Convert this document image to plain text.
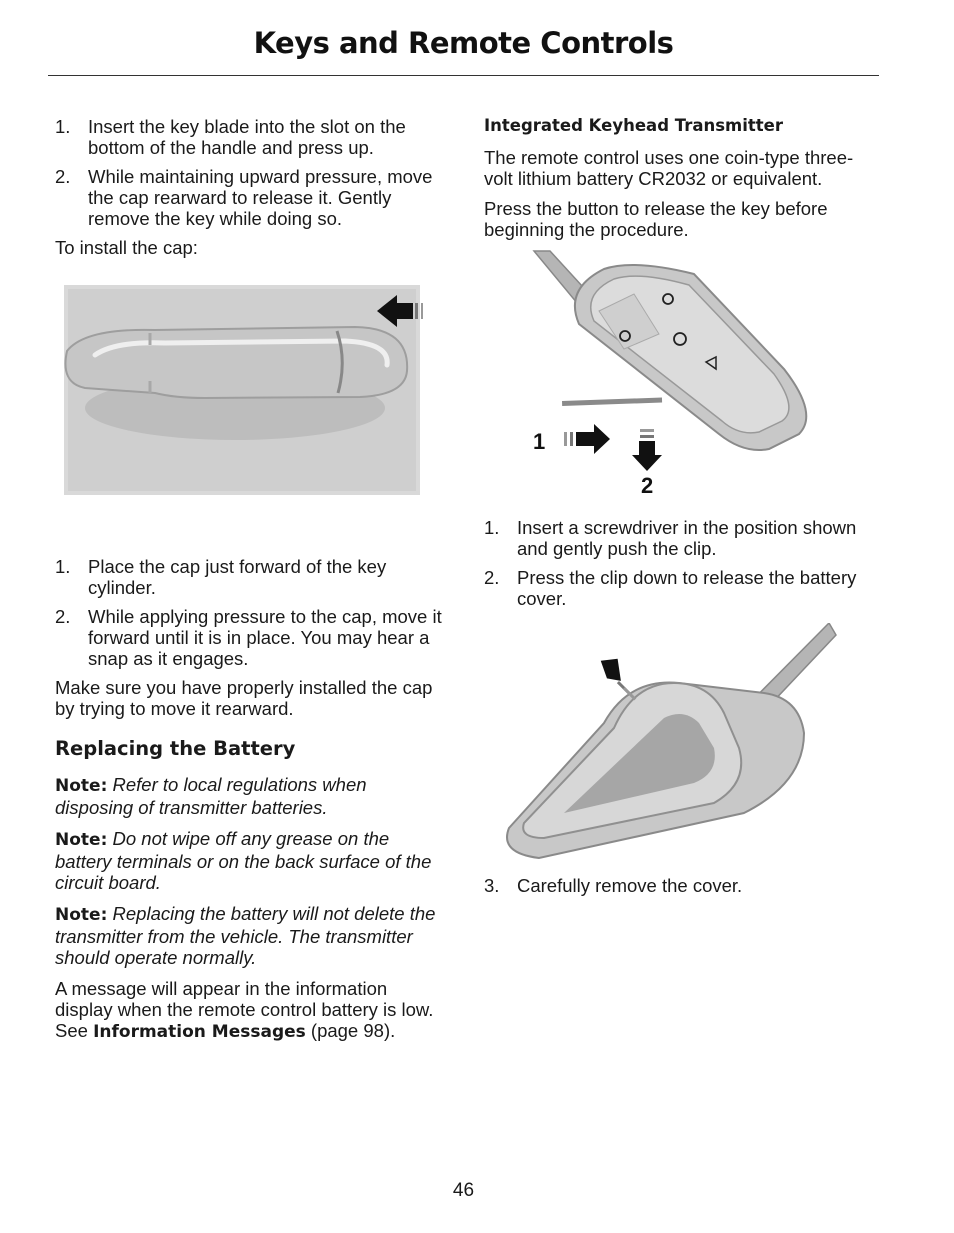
Keys and Remote Controls
1. Insert the key blade into the slot on the bottom of the handle and press up.
2. While maintaining upward pressure, move the cap rearward to release it. Gently remove the key while doing so.

To install the cap:

1. Place the cap just forward of the key cylinder.
2. While applying pressure to the cap, move it forward until it is in place. You may hear a snap as it engages.

Make sure you have properly installed the cap by trying to move it rearward.

Replacing the Battery

Note: Refer to local regulations when disposing of transmitter batteries.

Note: Do not wipe off any grease on the battery terminals or on the back surface of the circuit board.

Note: Replacing the battery will not delete the transmitter from the vehicle. The transmitter should operate normally.

A message will appear in the information display when the remote control battery is low. See Information Messages (page 98).

Integrated Keyhead Transmitter

The remote control uses one coin-type three-volt lithium battery CR2032 or equivalent.

Press the button to release the key before beginning the procedure.

1
2
1. Insert a screwdriver in the position shown and gently push the clip.
2. Press the clip down to release the battery cover.
3. Carefully remove the cover.
46
